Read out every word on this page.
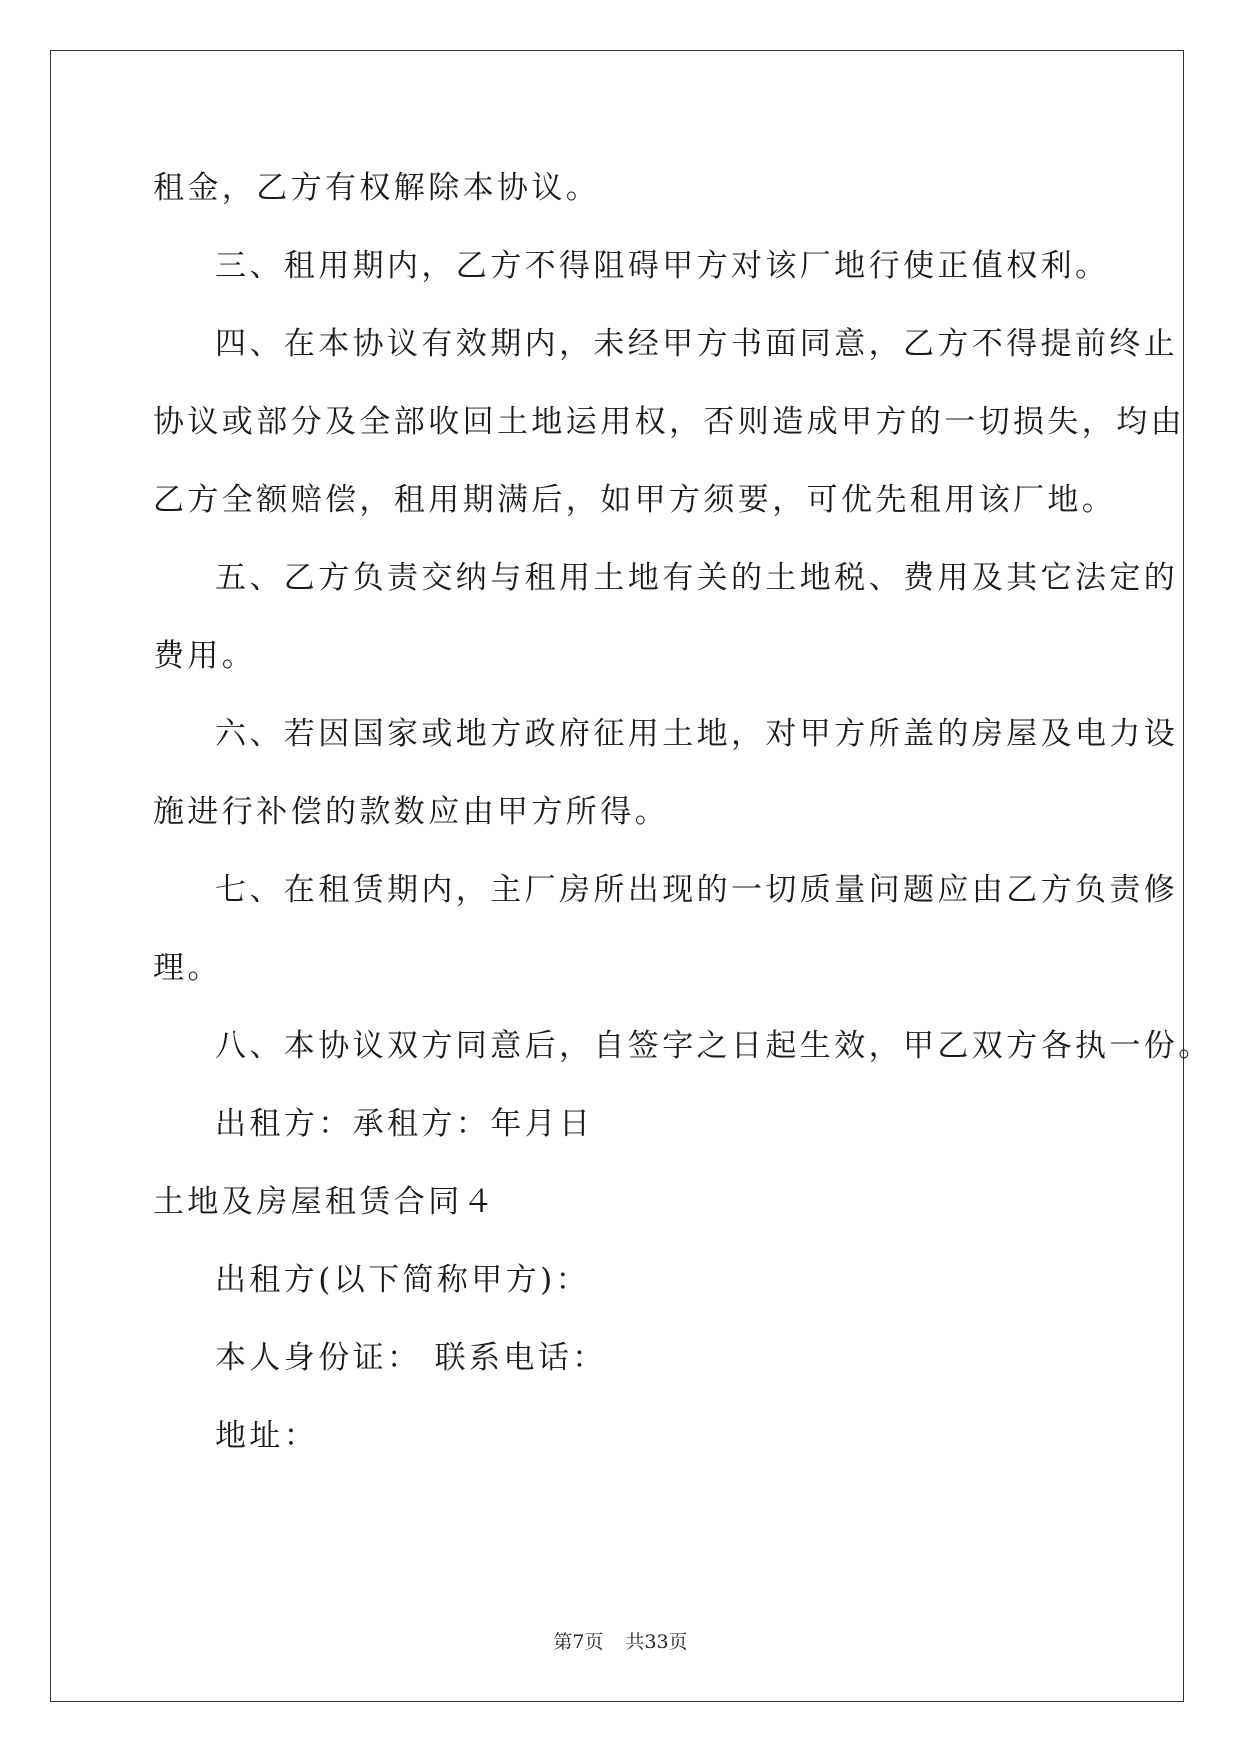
租金，乙方有权解除本协议。
三、租用期内，乙方不得阻碍甲方对该厂地行使正值权利。
四、在本协议有效期内，未经甲方书面同意，乙方不得提前终止
协议或部分及全部收回土地运用权，否则造成甲方的一切损失，均由
乙方全额赔偿，租用期满后，如甲方须要，可优先租用该厂地。
五、乙方负责交纳与租用土地有关的土地税、费用及其它法定的
费用。
六、若因国家或地方政府征用土地，对甲方所盖的房屋及电力设
施进行补偿的款数应由甲方所得。
七、在租赁期内，主厂房所出现的一切质量问题应由乙方负责修
理。
八、本协议双方同意后，自签字之日起生效，甲乙双方各执一份。
出租方：承租方：年月日
土地及房屋租赁合同４
出租方(以下简称甲方)：
本人身份证： 联系电话：
地址：
第7页 共33页
